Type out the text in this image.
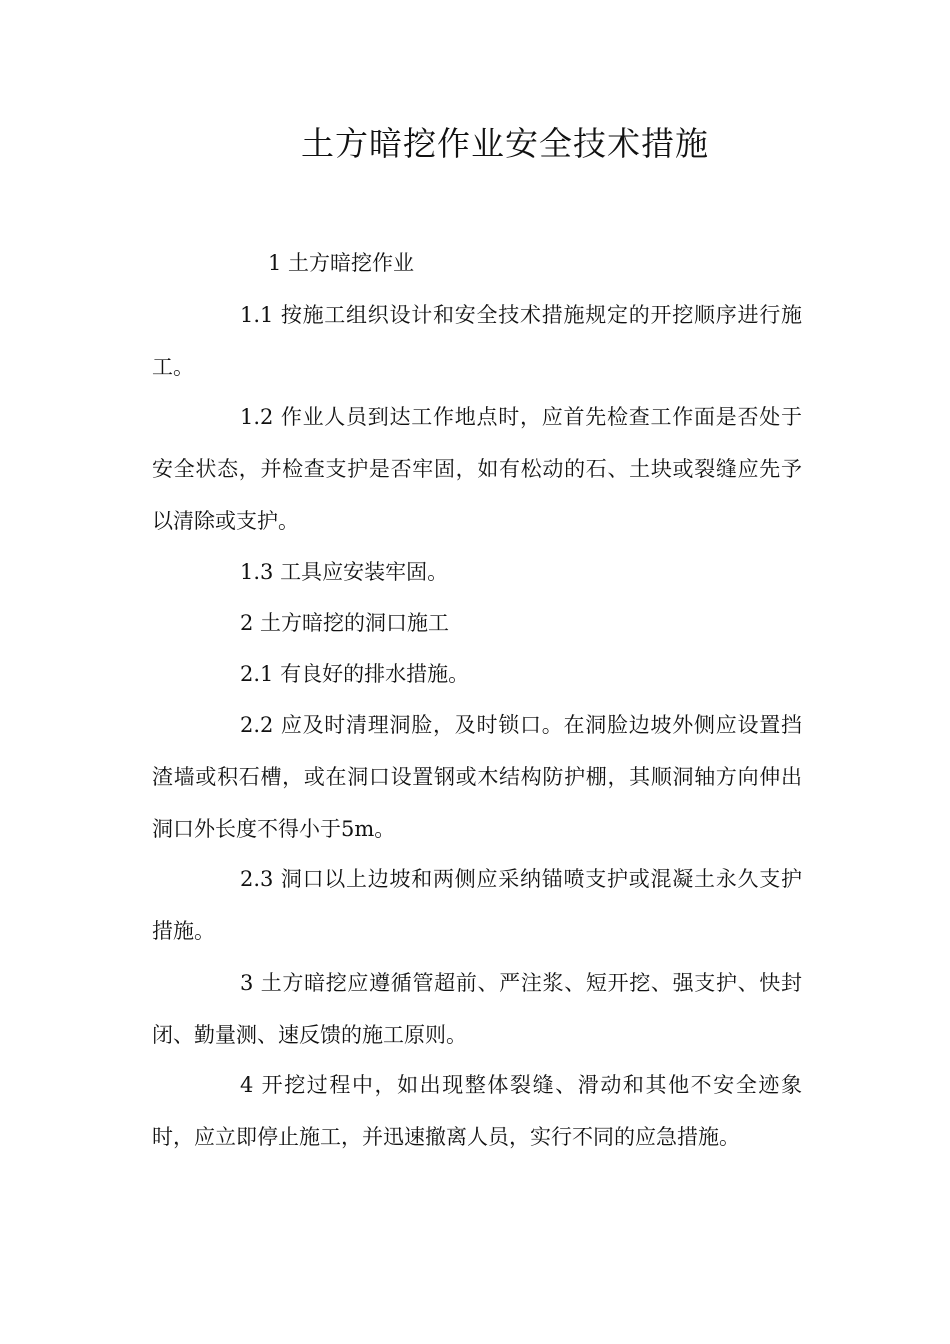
土方暗挖作业安全技术措施

1 土方暗挖作业

1.1 按施工组织设计和安全技术措施规定的开挖顺序进行施工。

1.2 作业人员到达工作地点时，应首先检查工作面是否处于安全状态，并检查支护是否牢固，如有松动的石、土块或裂缝应先予以清除或支护。

1.3 工具应安装牢固。

2 土方暗挖的洞口施工

2.1 有良好的排水措施。

2.2 应及时清理洞脸，及时锁口。在洞脸边坡外侧应设置挡渣墙或积石槽，或在洞口设置钢或木结构防护棚，其顺洞轴方向伸出洞口外长度不得小于5m。

2.3 洞口以上边坡和两侧应采纳锚喷支护或混凝土永久支护措施。

3 土方暗挖应遵循管超前、严注浆、短开挖、强支护、快封闭、勤量测、速反馈的施工原则。

4 开挖过程中，如出现整体裂缝、滑动和其他不安全迹象时，应立即停止施工，并迅速撤离人员，实行不同的应急措施。
